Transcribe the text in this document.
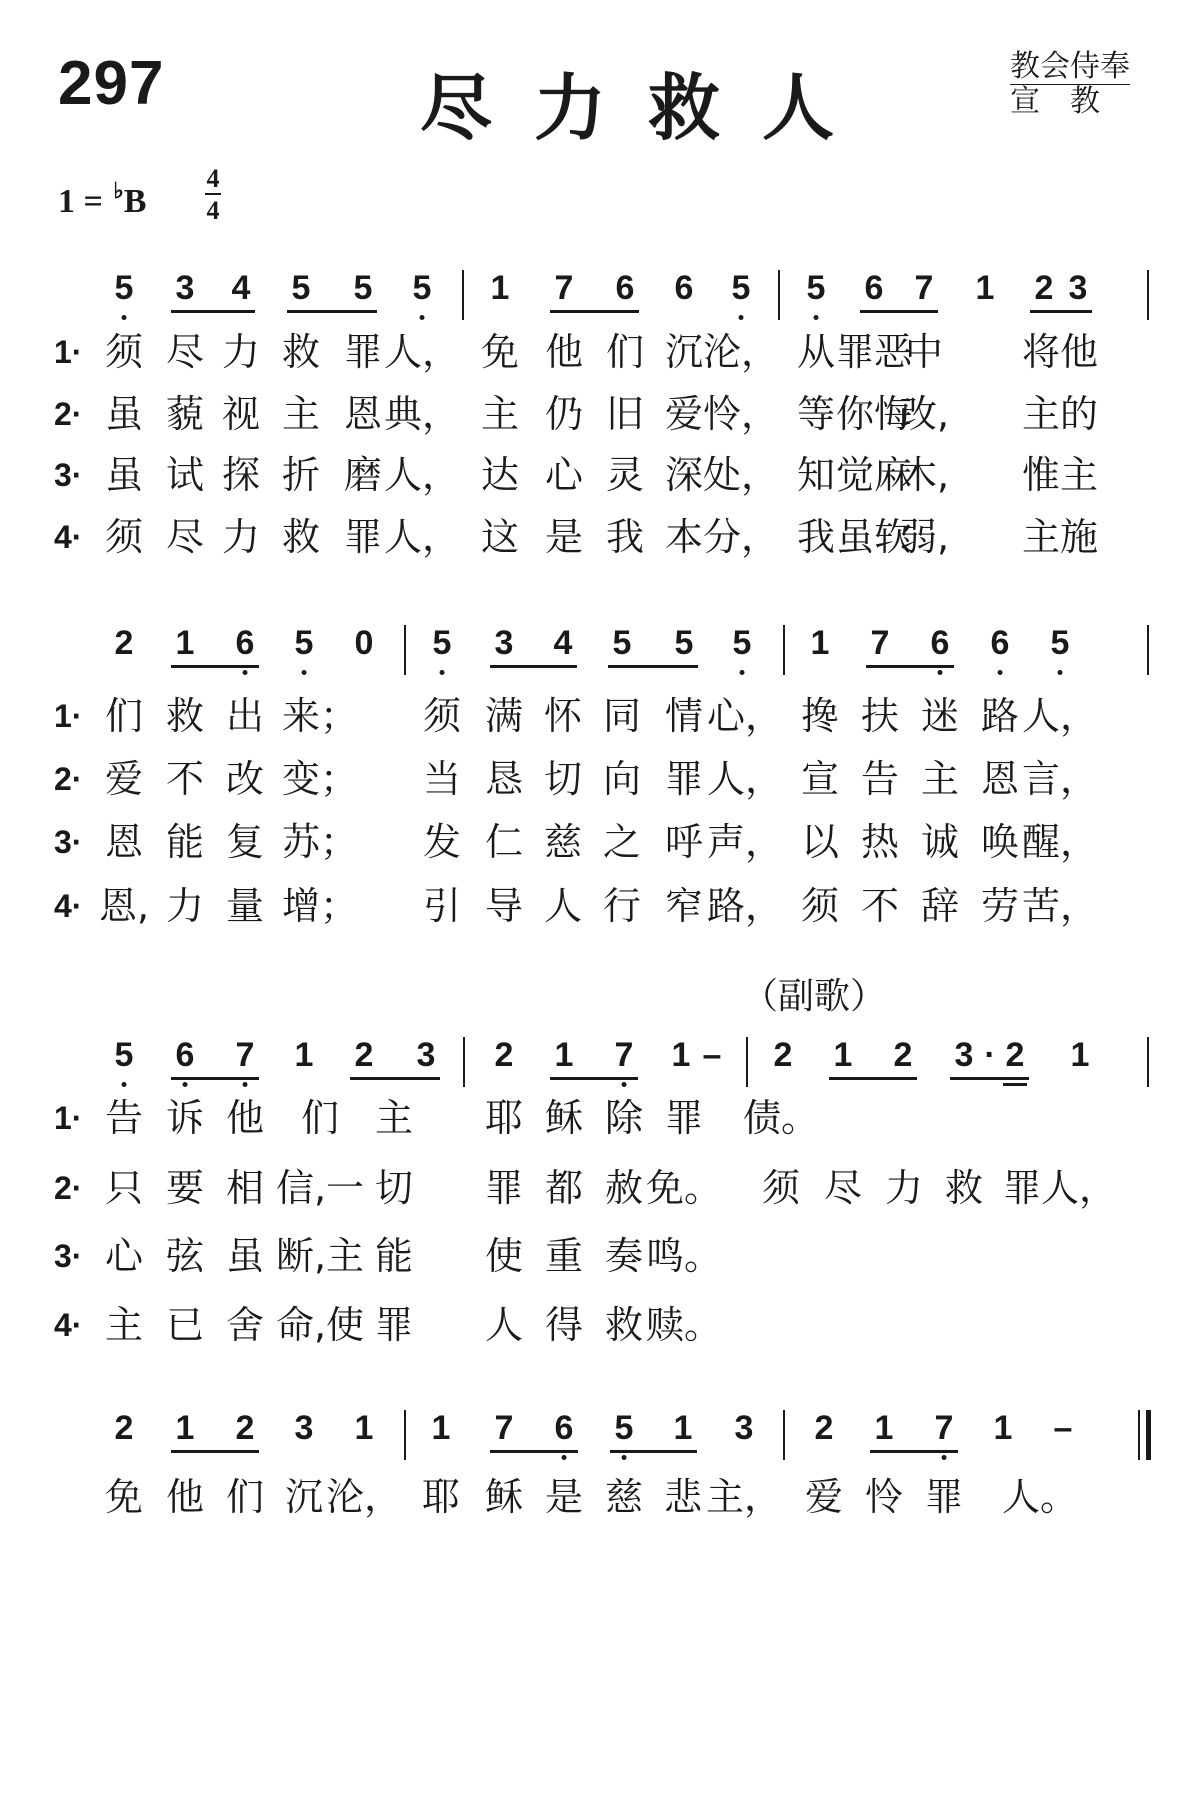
297	尽力救人	教会侍奉
宣　教
1 = ♭B
4
4
（副歌）
5 3 4 5 5 5 1 7 6 6 5 5 6 7 1 2 3
1· 须 尽 力 救 罪 人， 免 他 们 沉 沦， 从 罪恶
中 将他
2· 虽 藐 视 主 恩 典， 主 仍 旧 爱 怜， 等 你悔
改, 主的
3· 虽 试 探 折 磨 人， 达 心 灵 深 处， 知 觉麻
木, 惟主
4· 须 尽 力 救 罪 人， 这 是 我 本 分， 我 虽软
弱, 主施
2 1 6 5 0 5 3 4 5 5 5 1 7 6 6 5
1· 们 救 出 来； 须 满 怀 同 情 心， 搀 扶 迷 路 人，
2· 爱 不 改 变； 当 恳 切 向 罪 人， 宣 告 主 恩 言，
3· 恩 能 复 苏； 发 仁 慈 之 呼 声， 以 热 诚 唤 醒，
4· 恩, 力 量 增； 引 导 人 行 窄 路， 须 不 辞 劳 苦，
5 6 7 1 2 3 2 1 7 1 – 2 1 2 3 · 2 1
1· 告 诉 他 们 主 耶 稣 除 罪 债。
2· 只 要 相 信,一 切 罪 都 赦 免。 须 尽 力 救 罪人，
3· 心 弦 虽 断,主 能 使 重 奏 鸣。
4· 主 已 舍 命,使 罪 人 得 救 赎。
2 1 2 3 1 1 7 6 5 1 3 2 1 7 1 –
免 他 们 沉 沦， 耶 稣 是 慈 悲 主， 爱 怜 罪 人。
